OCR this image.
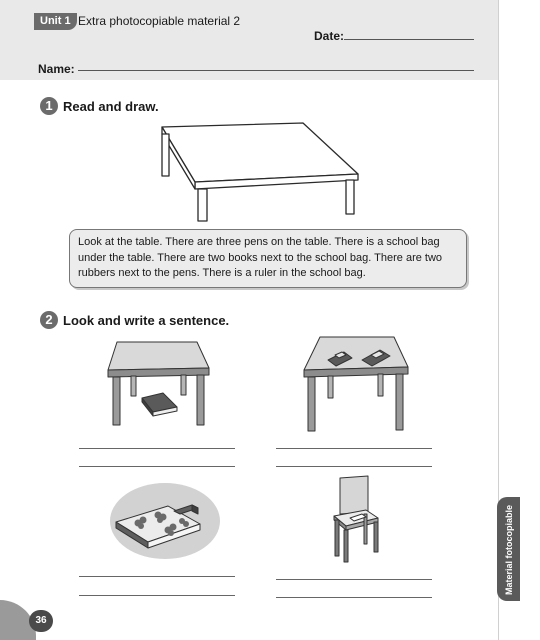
Unit 1 Extra photocopiable material 2
Date:
Name:
Material fotocopiable
1 Read and draw.
Look at the table. There are three pens on the table. There is a school bag under the table. There are two books next to the school bag. There are two rubbers next to the pens. There is a ruler in the school bag.
2 Look and write a sentence.
36
